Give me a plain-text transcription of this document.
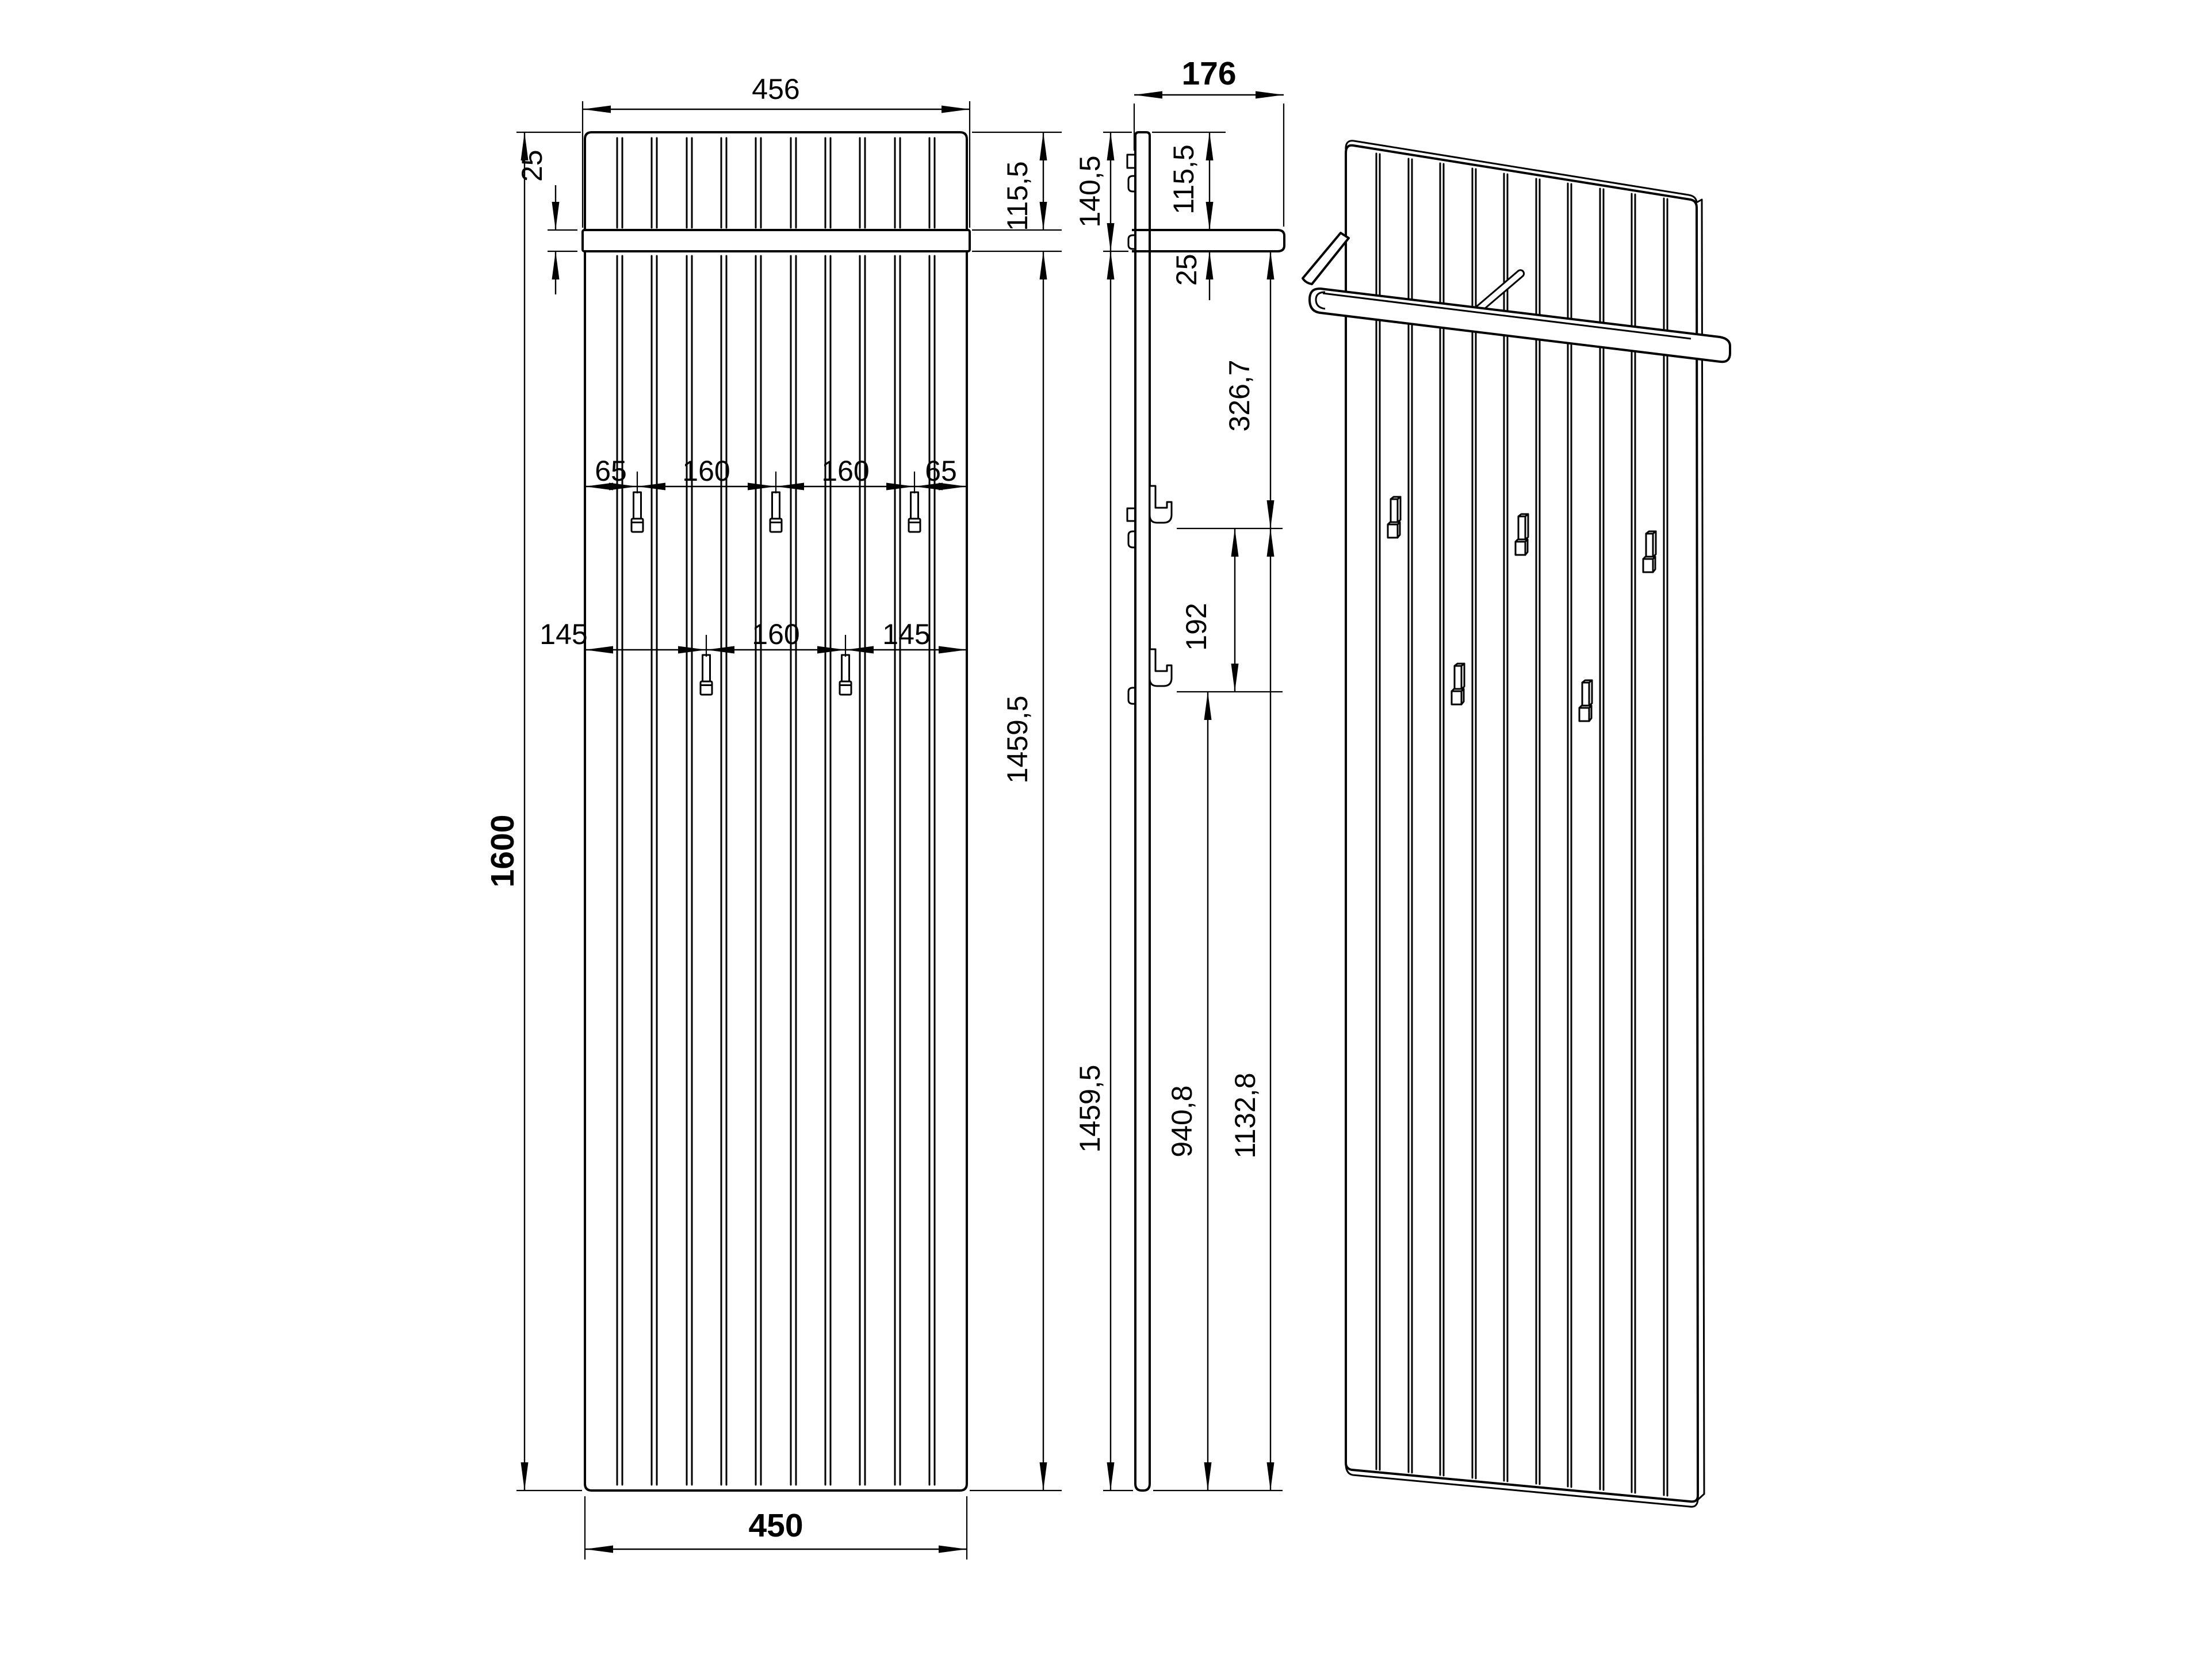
456
25
1600
115,5
1459,5
65 160	160 65
145	160	145
450
176
140,5 115,5
25
326,7
192
940,8 1132,8
1459,5
